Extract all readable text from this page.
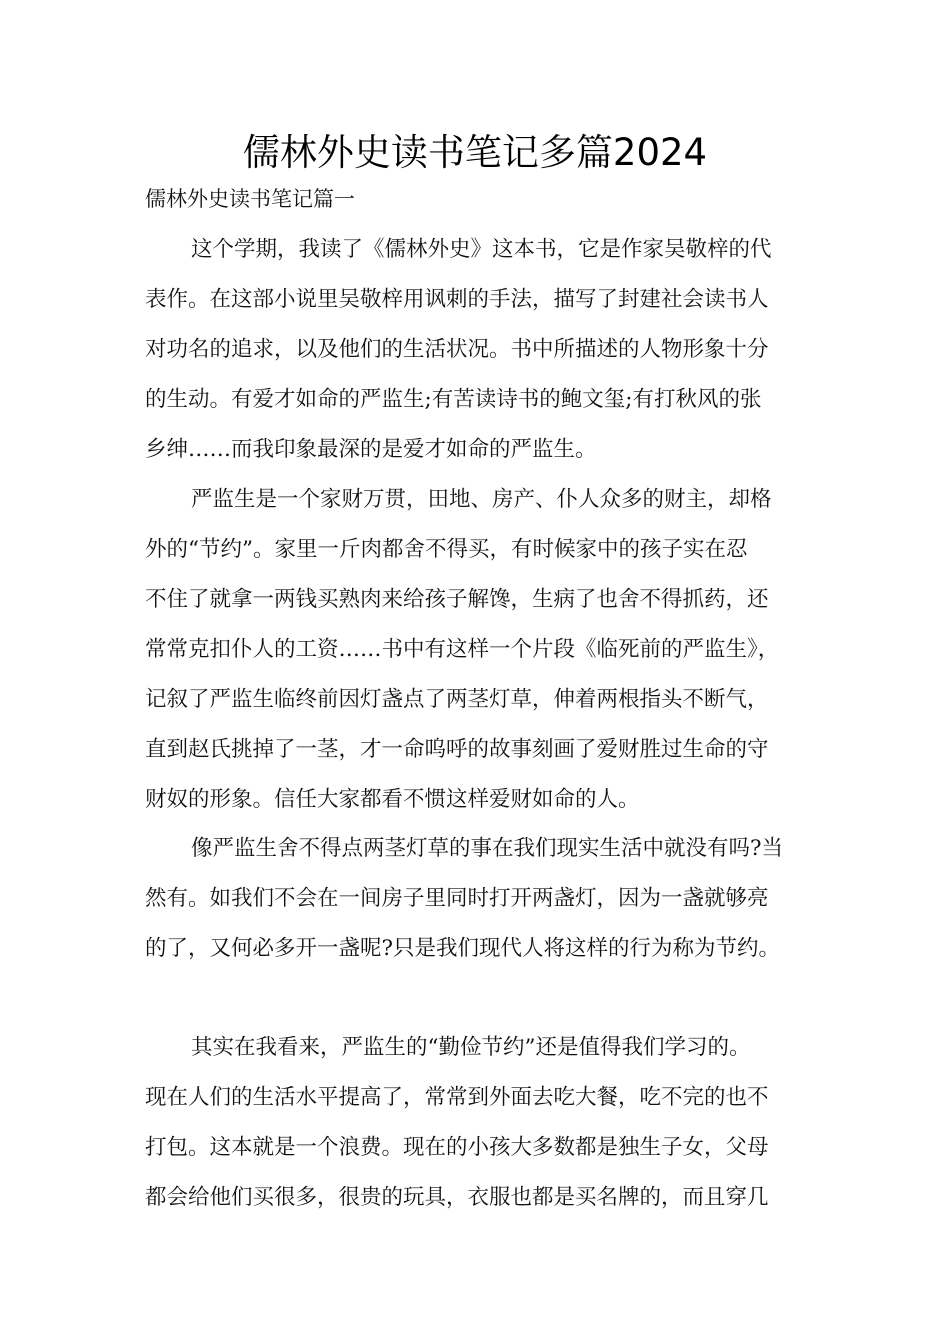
儒林外史读书笔记多篇2024
儒林外史读书笔记篇一
这个学期，我读了《儒林外史》这本书，它是作家吴敬梓的代
表作。在这部小说里吴敬梓用讽刺的手法，描写了封建社会读书人
对功名的追求，以及他们的生活状况。书中所描述的人物形象十分
的生动。有爱才如命的严监生;有苦读诗书的鲍文玺;有打秋风的张
乡绅……而我印象最深的是爱才如命的严监生。
严监生是一个家财万贯，田地、房产、仆人众多的财主，却格
外的“节约”。家里一斤肉都舍不得买，有时候家中的孩子实在忍
不住了就拿一两钱买熟肉来给孩子解馋，生病了也舍不得抓药，还
常常克扣仆人的工资……书中有这样一个片段《临死前的严监生》，
记叙了严监生临终前因灯盏点了两茎灯草，伸着两根指头不断气，
直到赵氏挑掉了一茎，才一命呜呼的故事刻画了爱财胜过生命的守
财奴的形象。信任大家都看不惯这样爱财如命的人。
像严监生舍不得点两茎灯草的事在我们现实生活中就没有吗?当
然有。如我们不会在一间房子里同时打开两盏灯，因为一盏就够亮
的了，又何必多开一盏呢?只是我们现代人将这样的行为称为节约。
其实在我看来，严监生的“勤俭节约”还是值得我们学习的。
现在人们的生活水平提高了，常常到外面去吃大餐，吃不完的也不
打包。这本就是一个浪费。现在的小孩大多数都是独生子女，父母
都会给他们买很多，很贵的玩具，衣服也都是买名牌的，而且穿几
